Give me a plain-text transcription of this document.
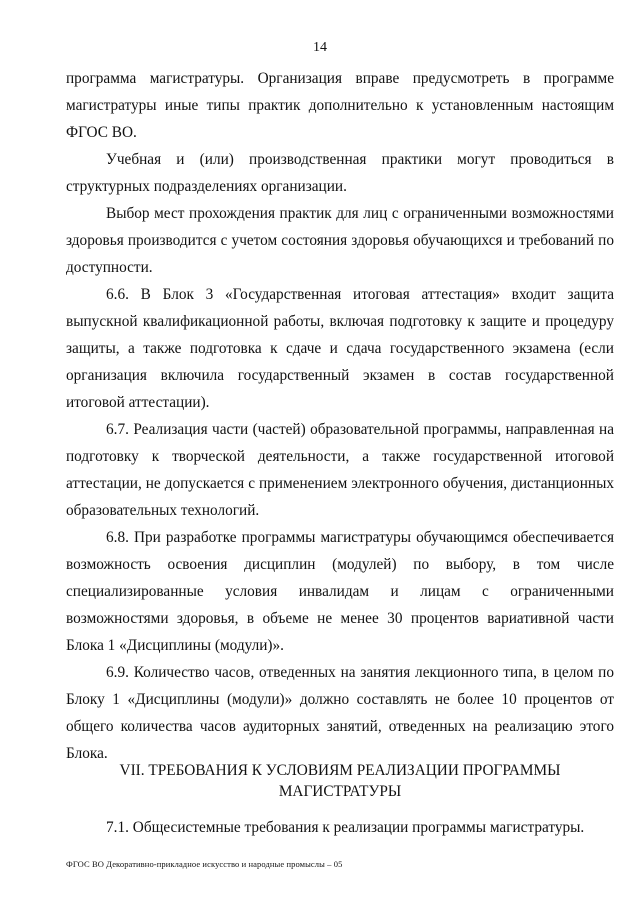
14

программа магистратуры. Организация вправе предусмотреть в программе магистратуры иные типы практик дополнительно к установленным настоящим ФГОС ВО.

Учебная и (или) производственная практики могут проводиться в структурных подразделениях организации.

Выбор мест прохождения практик для лиц с ограниченными возможностями здоровья производится с учетом состояния здоровья обучающихся и требований по доступности.

6.6. В Блок 3 «Государственная итоговая аттестация» входит защита выпускной квалификационной работы, включая подготовку к защите и процедуру защиты, а также подготовка к сдаче и сдача государственного экзамена (если организация включила государственный экзамен в состав государственной итоговой аттестации).

6.7. Реализация части (частей) образовательной программы, направленная на подготовку к творческой деятельности, а также государственной итоговой аттестации, не допускается с применением электронного обучения, дистанционных образовательных технологий.

6.8. При разработке программы магистратуры обучающимся обеспечивается возможность освоения дисциплин (модулей) по выбору, в том числе специализированные условия инвалидам и лицам с ограниченными возможностями здоровья, в объеме не менее 30 процентов вариативной части Блока 1 «Дисциплины (модули)».

6.9. Количество часов, отведенных на занятия лекционного типа, в целом по Блоку 1 «Дисциплины (модули)» должно составлять не более 10 процентов от общего количества часов аудиторных занятий, отведенных на реализацию этого Блока.

VII. ТРЕБОВАНИЯ К УСЛОВИЯМ РЕАЛИЗАЦИИ ПРОГРАММЫ
МАГИСТРАТУРЫ
7.1. Общесистемные требования к реализации программы магистратуры.
ФГОС ВО Декоративно-прикладное искусство и народные промыслы – 05
